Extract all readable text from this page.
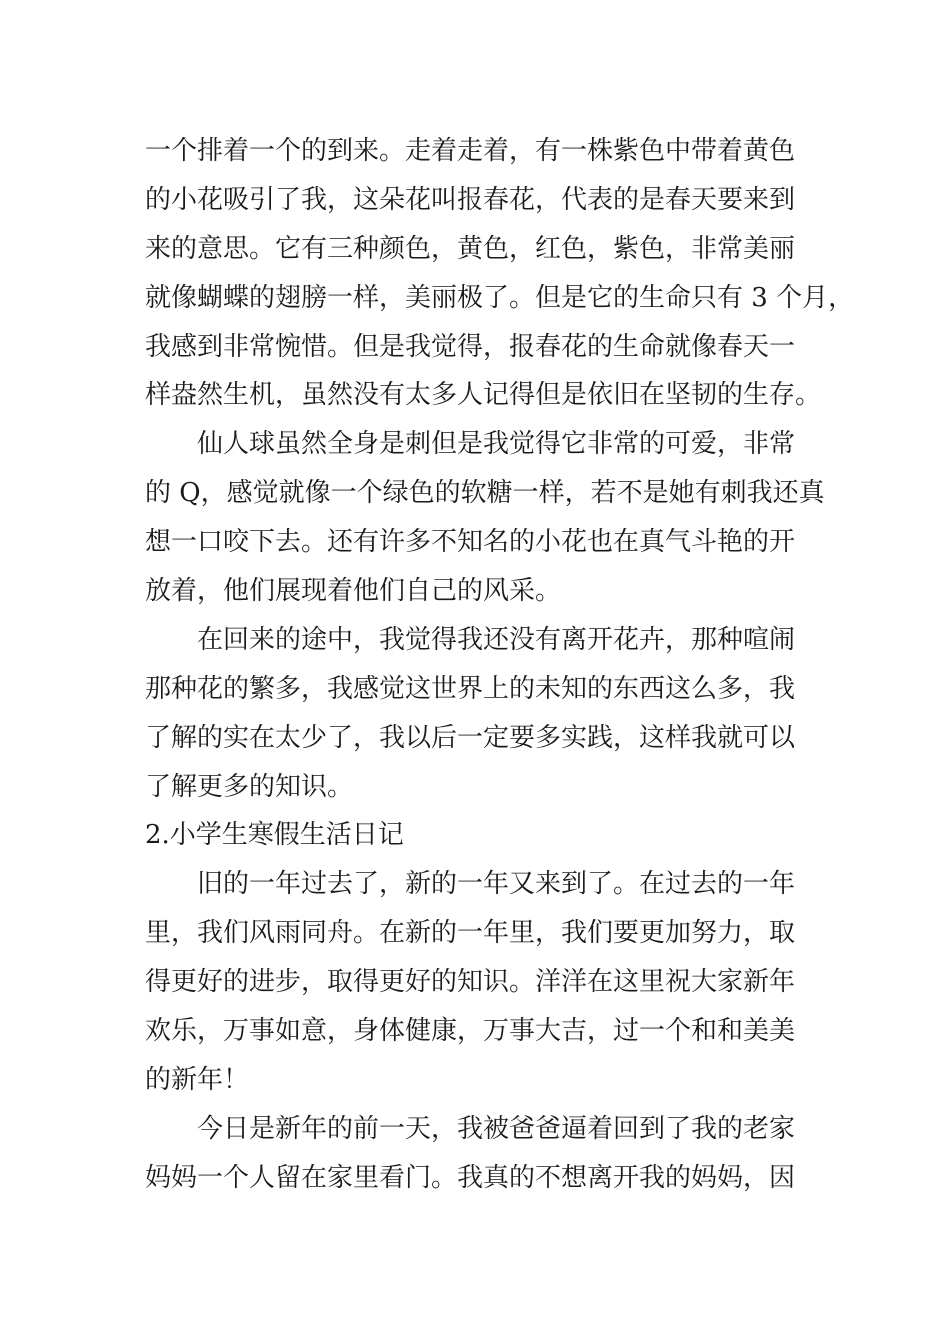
一个排着一个的到来。走着走着，有一株紫色中带着黄色
的小花吸引了我，这朵花叫报春花，代表的是春天要来到
来的意思。它有三种颜色，黄色，红色，紫色，非常美丽
就像蝴蝶的翅膀一样，美丽极了。但是它的生命只有 3 个月，
我感到非常惋惜。但是我觉得，报春花的生命就像春天一
样盎然生机，虽然没有太多人记得但是依旧在坚韧的生存。
仙人球虽然全身是刺但是我觉得它非常的可爱，非常
的 Q，感觉就像一个绿色的软糖一样，若不是她有刺我还真
想一口咬下去。还有许多不知名的小花也在真气斗艳的开
放着，他们展现着他们自己的风采。
在回来的途中，我觉得我还没有离开花卉，那种喧闹
那种花的繁多，我感觉这世界上的未知的东西这么多，我
了解的实在太少了，我以后一定要多实践，这样我就可以
了解更多的知识。
2.小学生寒假生活日记
旧的一年过去了，新的一年又来到了。在过去的一年
里，我们风雨同舟。在新的一年里，我们要更加努力，取
得更好的进步，取得更好的知识。洋洋在这里祝大家新年
欢乐，万事如意，身体健康，万事大吉，过一个和和美美
的新年！
今日是新年的前一天，我被爸爸逼着回到了我的老家
妈妈一个人留在家里看门。我真的不想离开我的妈妈，因
